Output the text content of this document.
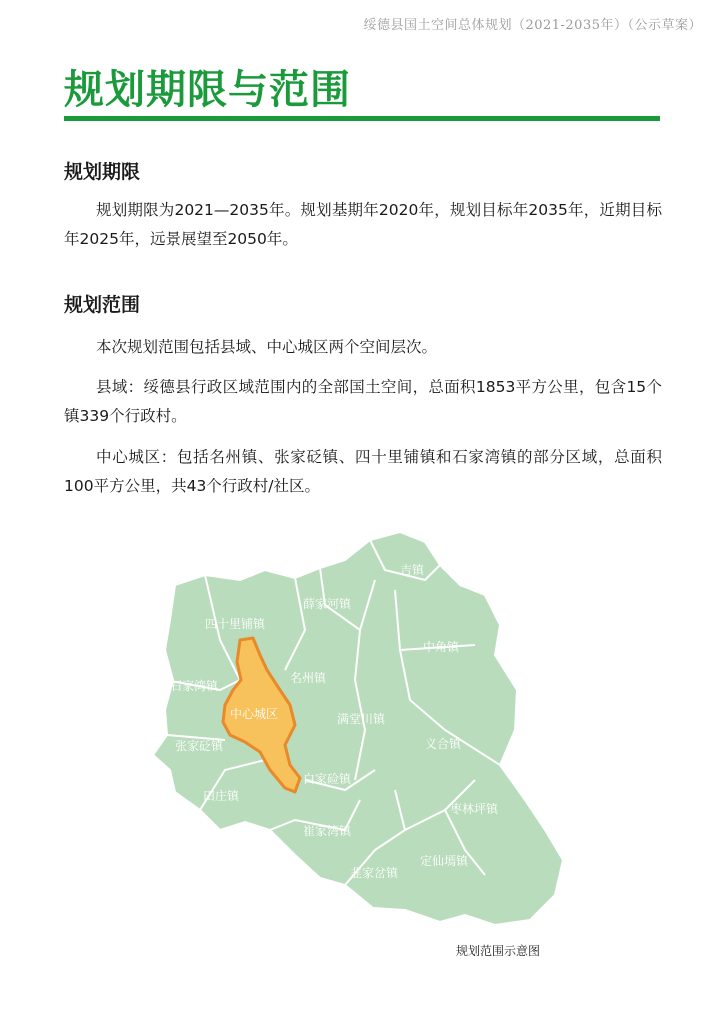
绥德县国土空间总体规划（2021-2035年）（公示草案）
规划期限与范围
规划期限

规划期限为2021—2035年。规划基期年2020年，规划目标年2035年，近期目标年2025年，远景展望至2050年。

规划范围

本次规划范围包括县域、中心城区两个空间层次。

县域：绥德县行政区域范围内的全部国土空间，总面积1853平方公里，包含15个镇339个行政村。

中心城区：包括名州镇、张家砭镇、四十里铺镇和石家湾镇的部分区域，总面积100平方公里，共43个行政村/社区。

吉镇
薛家河镇
四十里铺镇
中角镇
石家湾镇
名州镇
中心城区	满堂川镇
张家砭镇	义合镇
白家硷镇
田庄镇
枣林坪镇
崔家湾镇
定仙墕镇
韭家岔镇
规划范围示意图
